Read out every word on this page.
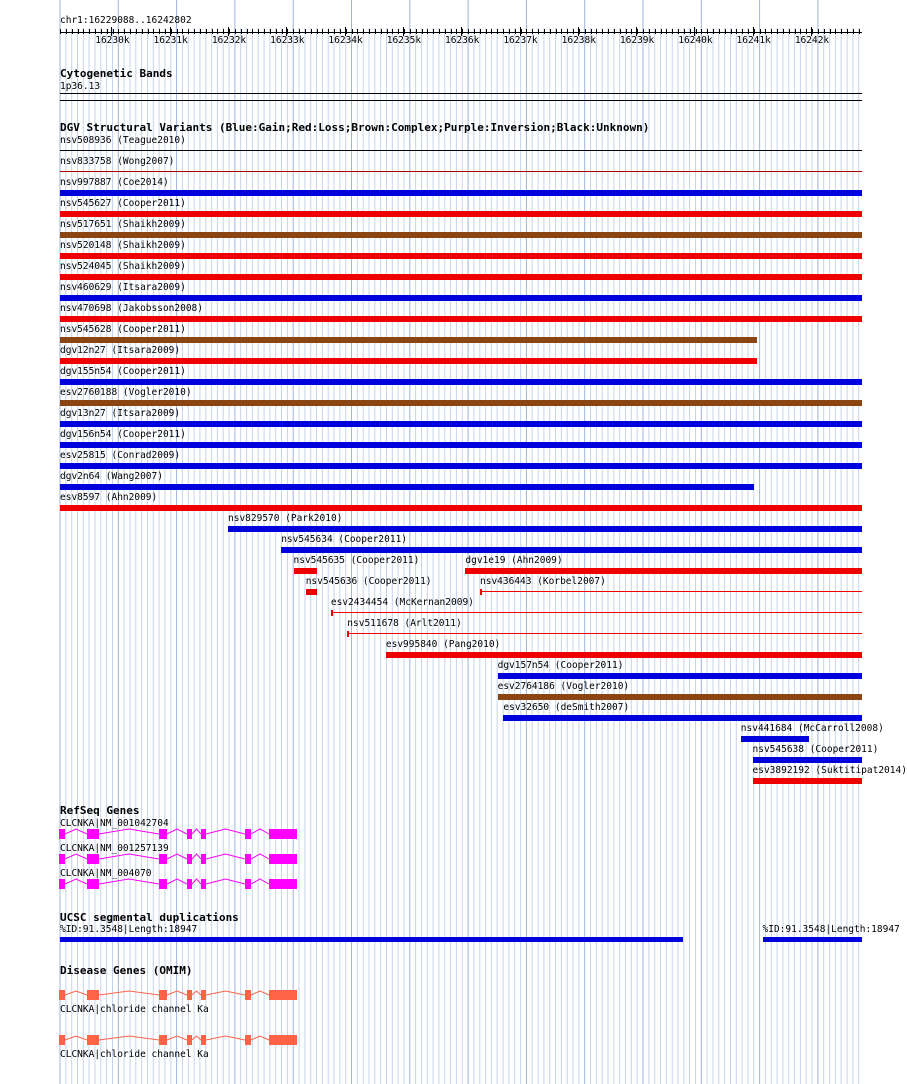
chr1:16229088..16242802
16230k	16231k	16232k	16233k	16234k	16235k	16236k	16237k	16238k	16239k	16240k	16241k	16242k
Cytogenetic Bands
1p36.13
DGV Structural Variants (Blue:Gain;Red:Loss;Brown:Complex;Purple:Inversion;Black:Unknown)
nsv508936 (Teague2010)
nsv833758 (Wong2007)
nsv997887 (Coe2014)
nsv545627 (Cooper2011)
nsv517651 (Shaikh2009)
nsv520148 (Shaikh2009)
nsv524045 (Shaikh2009)
nsv460629 (Itsara2009)
nsv470698 (Jakobsson2008)
nsv545628 (Cooper2011)
dgv12n27 (Itsara2009)
dgv155n54 (Cooper2011)
esv2760188 (Vogler2010)
dgv13n27 (Itsara2009)
dgv156n54 (Cooper2011)
esv25815 (Conrad2009)
dgv2n64 (Wang2007)
esv8597 (Ahn2009)
nsv829570 (Park2010)
nsv545634 (Cooper2011)
nsv545635 (Cooper2011)	dgv1e19 (Ahn2009)
nsv545636 (Cooper2011)	nsv436443 (Korbel2007)
esv2434454 (McKernan2009)
nsv511678 (Arlt2011)
esv995840 (Pang2010)
dgv157n54 (Cooper2011)
esv2764186 (Vogler2010)
esv32650 (deSmith2007)
nsv441684 (McCarroll2008)
nsv545638 (Cooper2011)
esv3892192 (Suktitipat2014)
RefSeq Genes
CLCNKA|NM_001042704
CLCNKA|NM_001257139
CLCNKA|NM_004070
UCSC segmental duplications
%ID:91.3548|Length:18947	%ID:91.3548|Length:18947
Disease Genes (OMIM)
CLCNKA|chloride channel Ka
CLCNKA|chloride channel Ka
